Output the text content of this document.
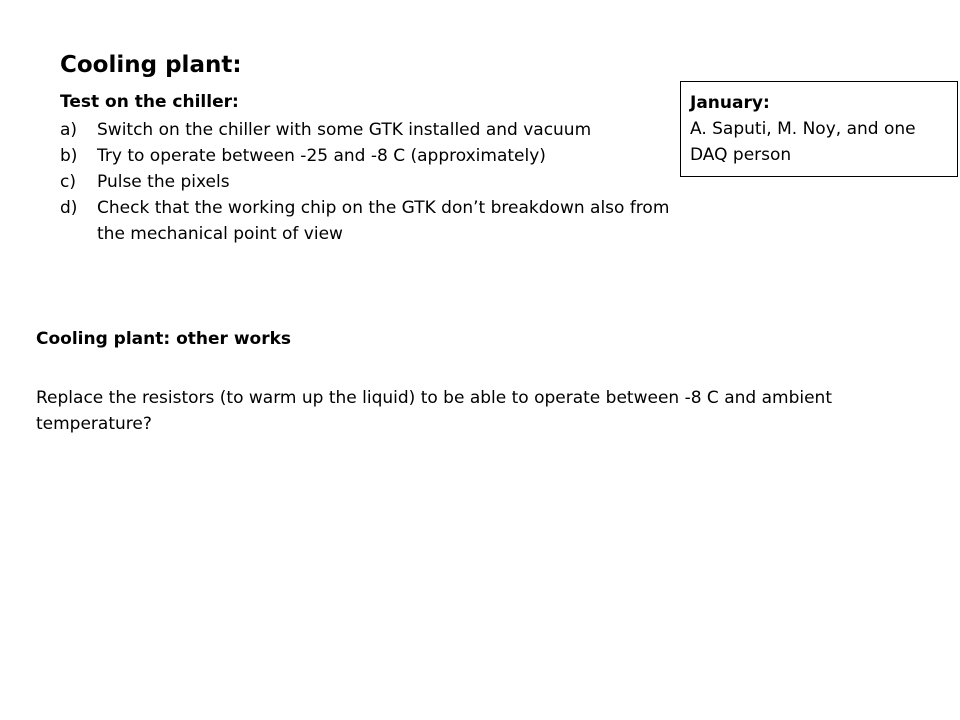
Cooling plant:
Test on the chiller:
a) Switch on the chiller with some GTK installed and vacuum
b) Try to operate between -25 and -8 C (approximately)
c) Pulse the pixels
d) Check that the working chip on the GTK don’t breakdown also from the mechanical point of view
January:
A. Saputi, M. Noy, and one DAQ person
Cooling plant: other works
Replace the resistors (to warm up the liquid) to be able to operate between -8 C and ambient temperature?
